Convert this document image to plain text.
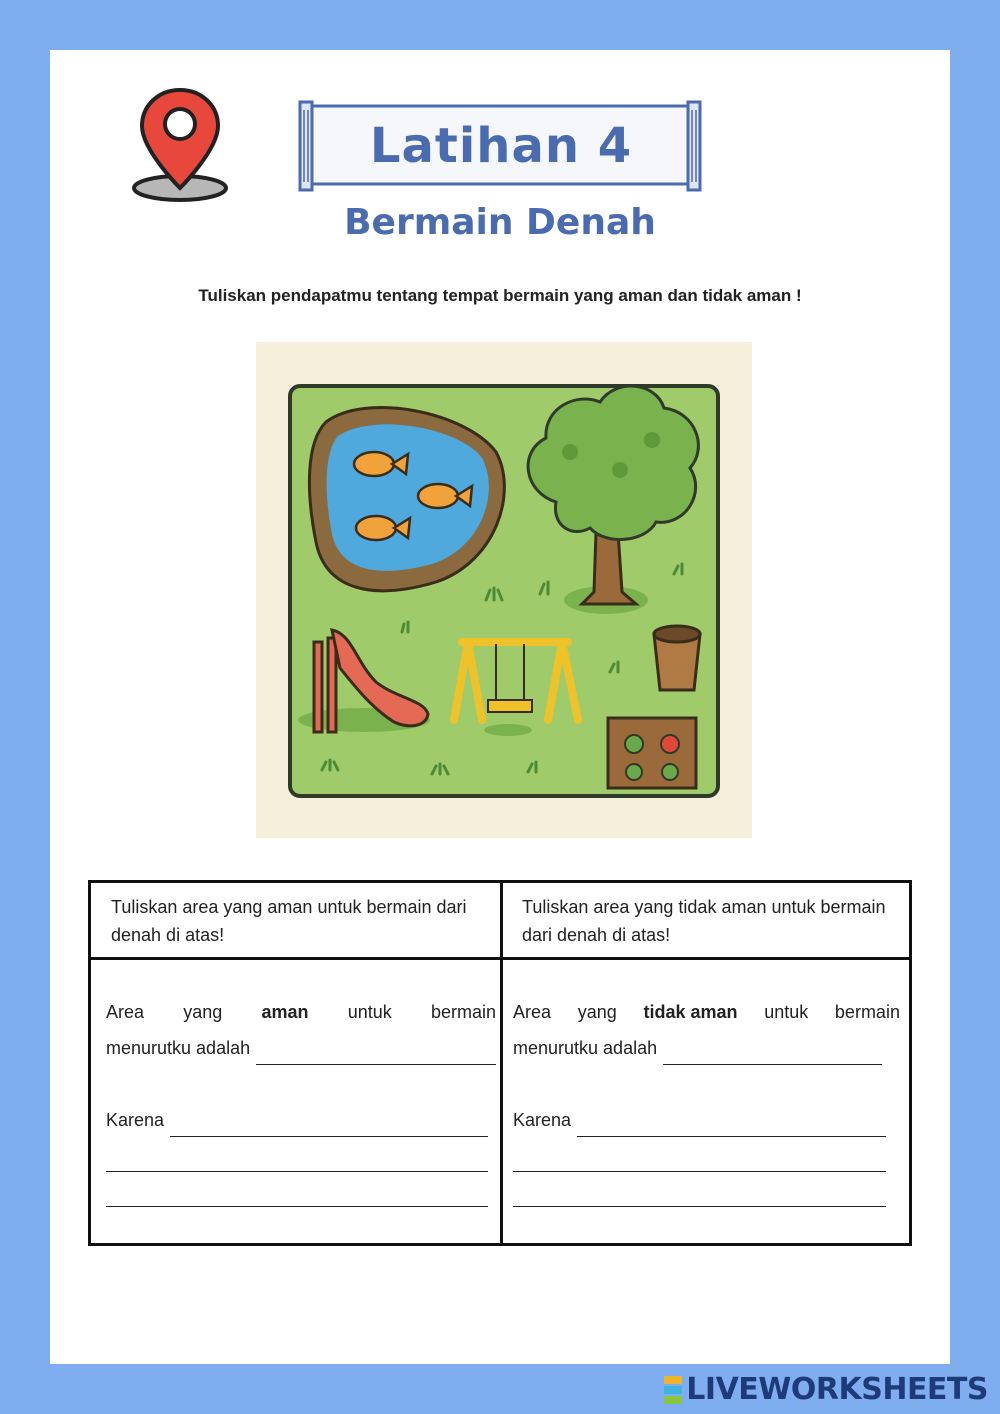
Latihan 4
Bermain Denah
Tuliskan pendapatmu tentang tempat bermain yang aman dan tidak aman !
Tuliskan area yang aman untuk bermain dari denah di atas!
Tuliskan area yang tidak aman untuk bermain dari denah di atas!
Area yang aman untuk bermain
menurutku adalah
Karena
Area yang tidak aman untuk bermain
menurutku adalah
Karena
LIVEWORKSHEETS
